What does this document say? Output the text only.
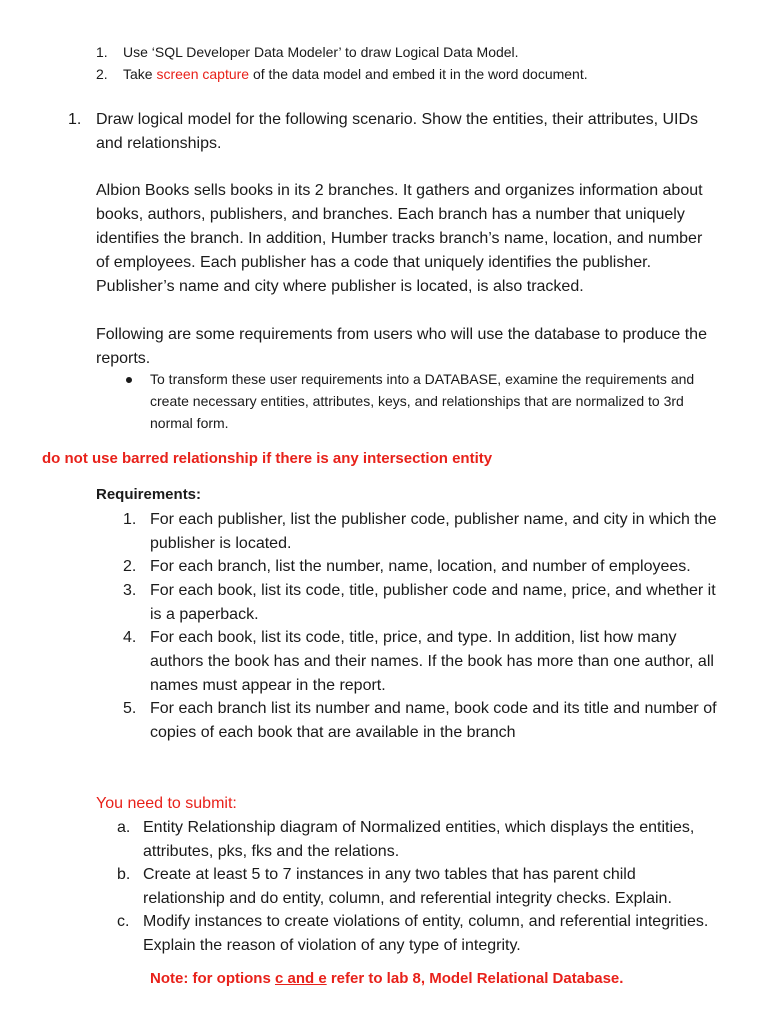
1. Use ‘SQL Developer Data Modeler’ to draw Logical Data Model.
2. Take screen capture of the data model and embed it in the word document.
1. Draw logical model for the following scenario. Show the entities, their attributes, UIDs
and relationships.
Albion Books sells books in its 2 branches. It gathers and organizes information about
books, authors, publishers, and branches. Each branch has a number that uniquely
identifies the branch. In addition, Humber tracks branch’s name, location, and number
of employees. Each publisher has a code that uniquely identifies the publisher.
Publisher’s name and city where publisher is located, is also tracked.
Following are some requirements from users who will use the database to produce the
reports.
To transform these user requirements into a DATABASE, examine the requirements and
create necessary entities, attributes, keys, and relationships that are normalized to 3rd
normal form.
do not use barred relationship if there is any intersection entity
Requirements:
1. For each publisher, list the publisher code, publisher name, and city in which the
publisher is located.
2. For each branch, list the number, name, location, and number of employees.
3. For each book, list its code, title, publisher code and name, price, and whether it
is a paperback.
4. For each book, list its code, title, price, and type. In addition, list how many
authors the book has and their names. If the book has more than one author, all
names must appear in the report.
5. For each branch list its number and name, book code and its title and number of
copies of each book that are available in the branch
You need to submit:
a. Entity Relationship diagram of Normalized entities, which displays the entities,
attributes, pks, fks and the relations.
b. Create at least 5 to 7 instances in any two tables that has parent child
relationship and do entity, column, and referential integrity checks. Explain.
c. Modify instances to create violations of entity, column, and referential integrities.
Explain the reason of violation of any type of integrity.
Note: for options c and e refer to lab 8, Model Relational Database.
